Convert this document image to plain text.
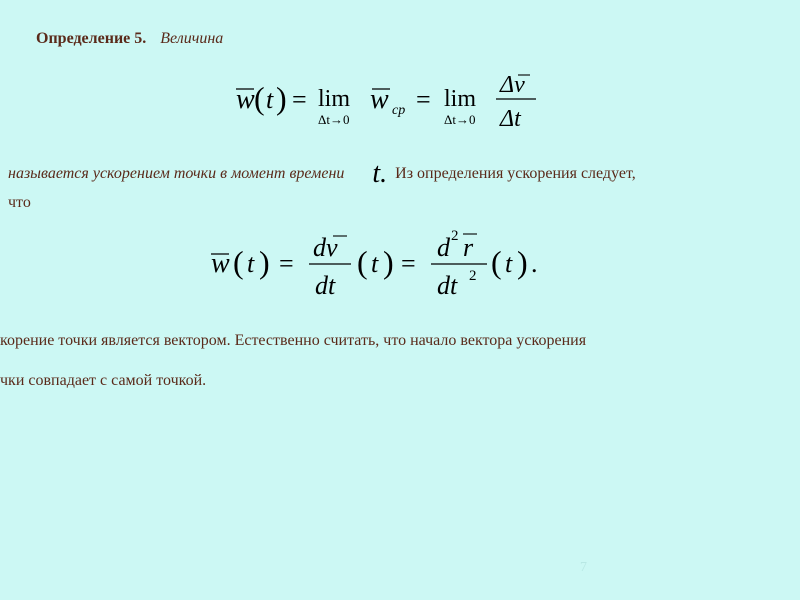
Определение 5. Величина
w ( t ) = lim
Δt→0
w ср = lim
Δt→0
Δv
Δt
называется ускорением точки в момент времени t. Из определения ускорения следует,
что
w ( t ) =
dv
dt
( t ) =
d 2 r
dt 2 ( t ) .
корение точки является вектором. Естественно считать, что начало вектора ускорения
чки совпадает с самой точкой.
7
